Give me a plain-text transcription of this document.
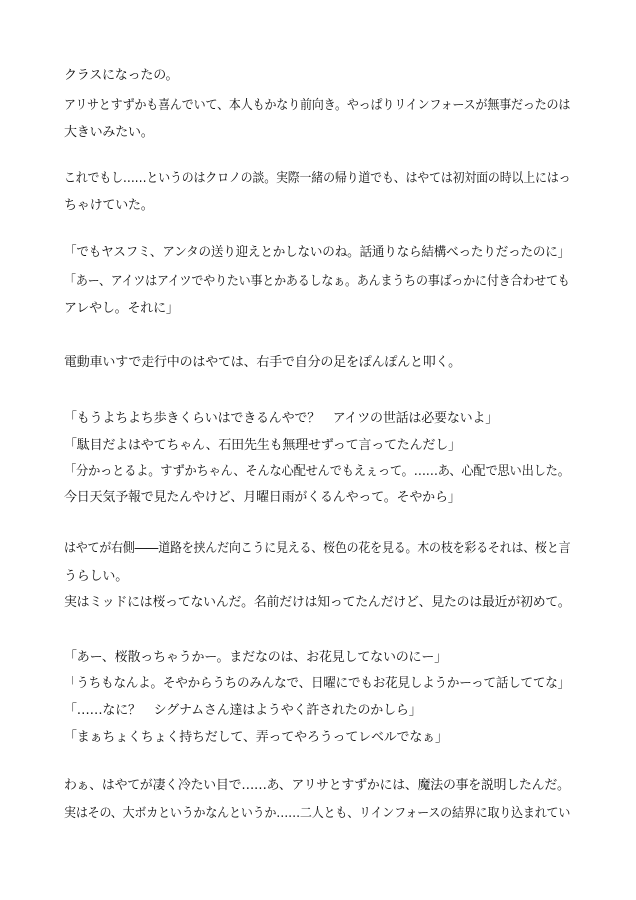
クラスになったの。

アリサとすずかも喜んでいて、本人もかなり前向き。やっぱりリインフォースが無事だったのは

大きいみたい。

これでもし……というのはクロノの談。実際一緒の帰り道でも、はやては初対面の時以上にはっ

ちゃけていた。

「でもヤスフミ、アンタの送り迎えとかしないのね。話通りなら結構べったりだったのに」

「あー、アイツはアイツでやりたい事とかあるしなぁ。あんまうちの事ばっかに付き合わせても

アレやし。それに」

電動車いすで走行中のはやては、右手で自分の足をぽんぽんと叩く。

「もうよちよち歩きくらいはできるんやで？　アイツの世話は必要ないよ」

「駄目だよはやてちゃん、石田先生も無理せずって言ってたんだし」

「分かっとるよ。すずかちゃん、そんな心配せんでもえぇって。……あ、心配で思い出した。

今日天気予報で見たんやけど、月曜日雨がくるんやって。そやから」

はやてが右側――道路を挟んだ向こうに見える、桜色の花を見る。木の枝を彩るそれは、桜と言

うらしい。

実はミッドには桜ってないんだ。名前だけは知ってたんだけど、見たのは最近が初めて。

「あー、桜散っちゃうかー。まだなのは、お花見してないのにー」

「うちもなんよ。そやからうちのみんなで、日曜にでもお花見しようかーって話しててな」

「……なに？　シグナムさん達はようやく許されたのかしら」

「まぁちょくちょく持ちだして、弄ってやろうってレベルでなぁ」

わぁ、はやてが凄く冷たい目で……あ、アリサとすずかには、魔法の事を説明したんだ。

実はその、大ボカというかなんというか……二人とも、リインフォースの結界に取り込まれてい
